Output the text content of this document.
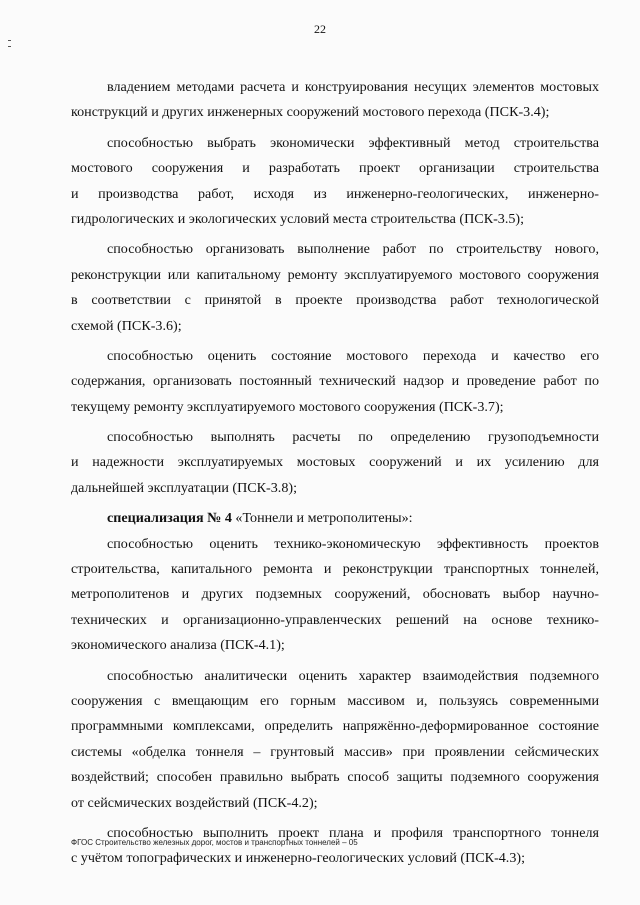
22
владением методами расчета и конструирования несущих элементов мостовых
конструкций и других инженерных сооружений мостового перехода (ПСК-3.4);
способностью выбрать экономически эффективный метод строительства
мостового сооружения и разработать проект организации строительства
и производства работ, исходя из инженерно-геологических, инженерно-
гидрологических и экологических условий места строительства (ПСК-3.5);
способностью организовать выполнение работ по строительству нового,
реконструкции или капитальному ремонту эксплуатируемого мостового сооружения
в соответствии с принятой в проекте производства работ технологической
схемой (ПСК-3.6);
способностью оценить состояние мостового перехода и качество его
содержания, организовать постоянный технический надзор и проведение работ по
текущему ремонту эксплуатируемого мостового сооружения (ПСК-3.7);
способностью выполнять расчеты по определению грузоподъемности
и надежности эксплуатируемых мостовых сооружений и их усилению для
дальнейшей эксплуатации (ПСК-3.8);
специализация № 4 «Тоннели и метрополитены»:
способностью оценить технико-экономическую эффективность проектов
строительства, капитального ремонта и реконструкции транспортных тоннелей,
метрополитенов и других подземных сооружений, обосновать выбор научно-
технических и организационно-управленческих решений на основе технико-
экономического анализа (ПСК-4.1);
способностью аналитически оценить характер взаимодействия подземного
сооружения с вмещающим его горным массивом и, пользуясь современными
программными комплексами, определить напряжённо-деформированное состояние
системы «обделка тоннеля – грунтовый массив» при проявлении сейсмических
воздействий; способен правильно выбрать способ защиты подземного сооружения
от сейсмических воздействий (ПСК-4.2);
способностью выполнить проект плана и профиля транспортного тоннеля
с учётом топографических и инженерно-геологических условий (ПСК-4.3);
ФГОС Строительство железных дорог, мостов и транспортных тоннелей – 05
